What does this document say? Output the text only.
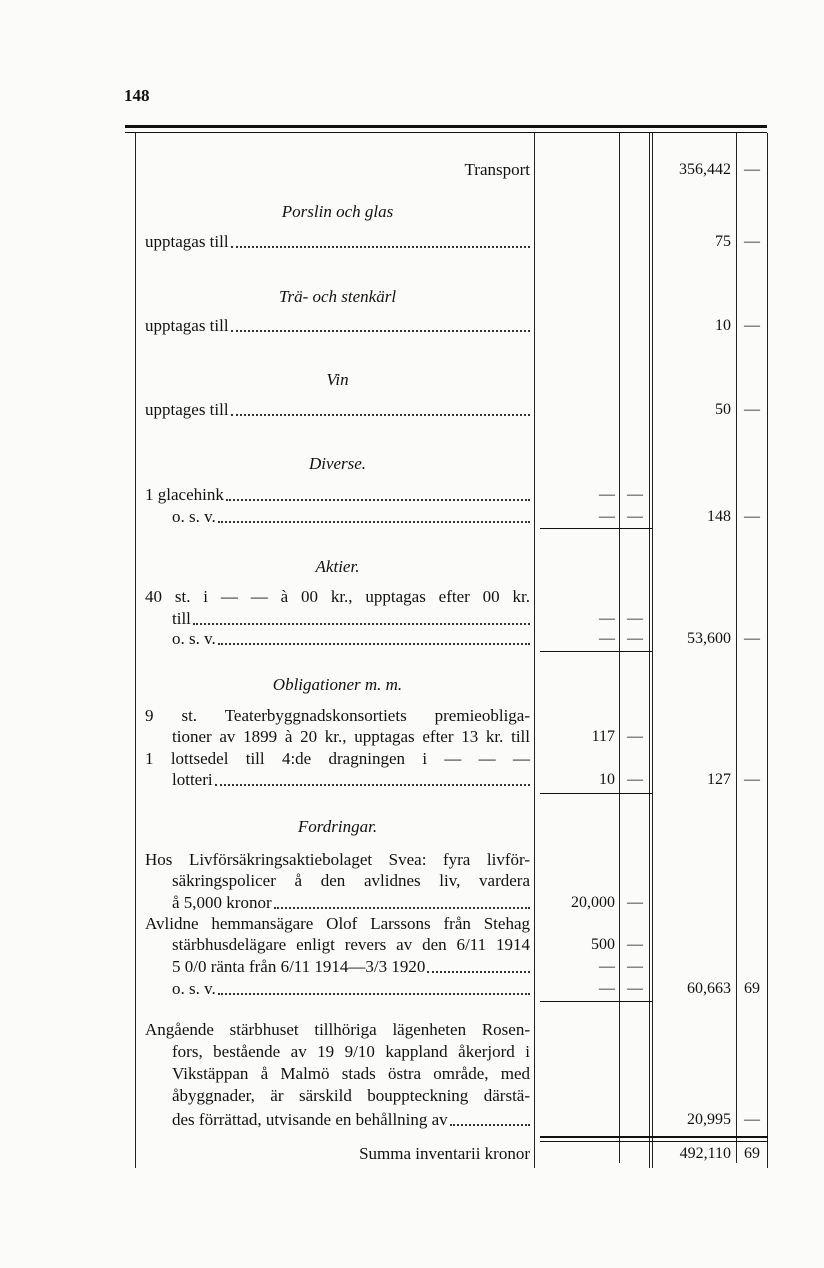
148
Transport	356,442 —
Porslin och glas
upptagas till	75 —
Trä- och stenkärl
upptagas till	10 —
Vin
upptages till	50 —
Diverse.
1 glacehink	— —
o. s. v.	— —	148 —
Aktier.
40 st. i — — à 00 kr., upptagas efter 00 kr.
till	— —
o. s. v.	— —	53,600 —
Obligationer m. m.
9 st. Teaterbyggnadskonsortiets premieobliga-
tioner av 1899 à 20 kr., upptagas efter 13 kr. till	117 —
1 lottsedel till 4:de dragningen i — — —
lotteri	10 —	127 —
Fordringar.
Hos Livförsäkringsaktiebolaget Svea: fyra livför-
säkringspolicer å den avlidnes liv, vardera
å 5,000 kronor	20,000 —
Avlidne hemmansägare Olof Larssons från Stehag
stärbhusdelägare enligt revers av den 6/11 1914	500 —
5 0/0 ränta från 6/11 1914—3/3 1920	— —
o. s. v.	— —	60,663 69
Angående stärbhuset tillhöriga lägenheten Rosen-
fors, bestående av 19 9/10 kappland åkerjord i
Vikstäppan å Malmö stads östra område, med
åbyggnader, är särskild bouppteckning därstä-
des förrättad, utvisande en behållning av	20,995 —
Summa inventarii kronor	492,110 69
